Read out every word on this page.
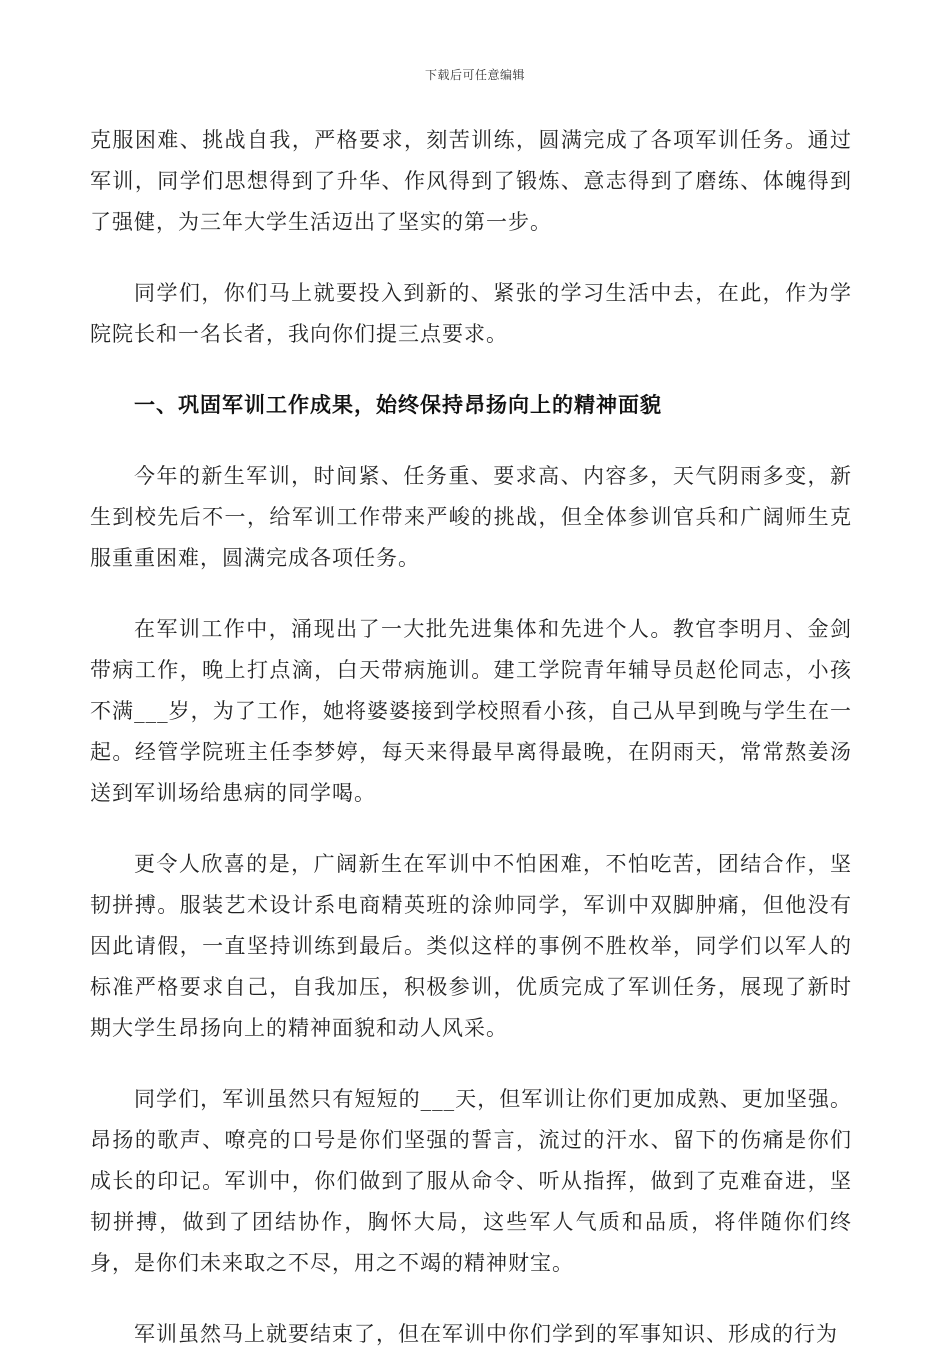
下载后可任意编辑

克服困难、挑战自我，严格要求，刻苦训练，圆满完成了各项军训任务。通过军训，同学们思想得到了升华、作风得到了锻炼、意志得到了磨练、体魄得到了强健，为三年大学生活迈出了坚实的第一步。

同学们，你们马上就要投入到新的、紧张的学习生活中去，在此，作为学院院长和一名长者，我向你们提三点要求。

一、巩固军训工作成果，始终保持昂扬向上的精神面貌

今年的新生军训，时间紧、任务重、要求高、内容多，天气阴雨多变，新生到校先后不一，给军训工作带来严峻的挑战，但全体参训官兵和广阔师生克服重重困难，圆满完成各项任务。

在军训工作中，涌现出了一大批先进集体和先进个人。教官李明月、金剑带病工作，晚上打点滴，白天带病施训。建工学院青年辅导员赵伦同志，小孩不满___岁，为了工作，她将婆婆接到学校照看小孩，自己从早到晚与学生在一起。经管学院班主任李梦婷，每天来得最早离得最晚，在阴雨天，常常熬姜汤送到军训场给患病的同学喝。

更令人欣喜的是，广阔新生在军训中不怕困难，不怕吃苦，团结合作，坚韧拼搏。服装艺术设计系电商精英班的涂帅同学，军训中双脚肿痛，但他没有因此请假，一直坚持训练到最后。类似这样的事例不胜枚举，同学们以军人的标准严格要求自己，自我加压，积极参训，优质完成了军训任务，展现了新时期大学生昂扬向上的精神面貌和动人风采。

同学们，军训虽然只有短短的___天，但军训让你们更加成熟、更加坚强。昂扬的歌声、嘹亮的口号是你们坚强的誓言，流过的汗水、留下的伤痛是你们成长的印记。军训中，你们做到了服从命令、听从指挥，做到了克难奋进，坚韧拼搏，做到了团结协作，胸怀大局，这些军人气质和品质，将伴随你们终身，是你们未来取之不尽，用之不竭的精神财宝。

军训虽然马上就要结束了，但在军训中你们学到的军事知识、形成的行为
